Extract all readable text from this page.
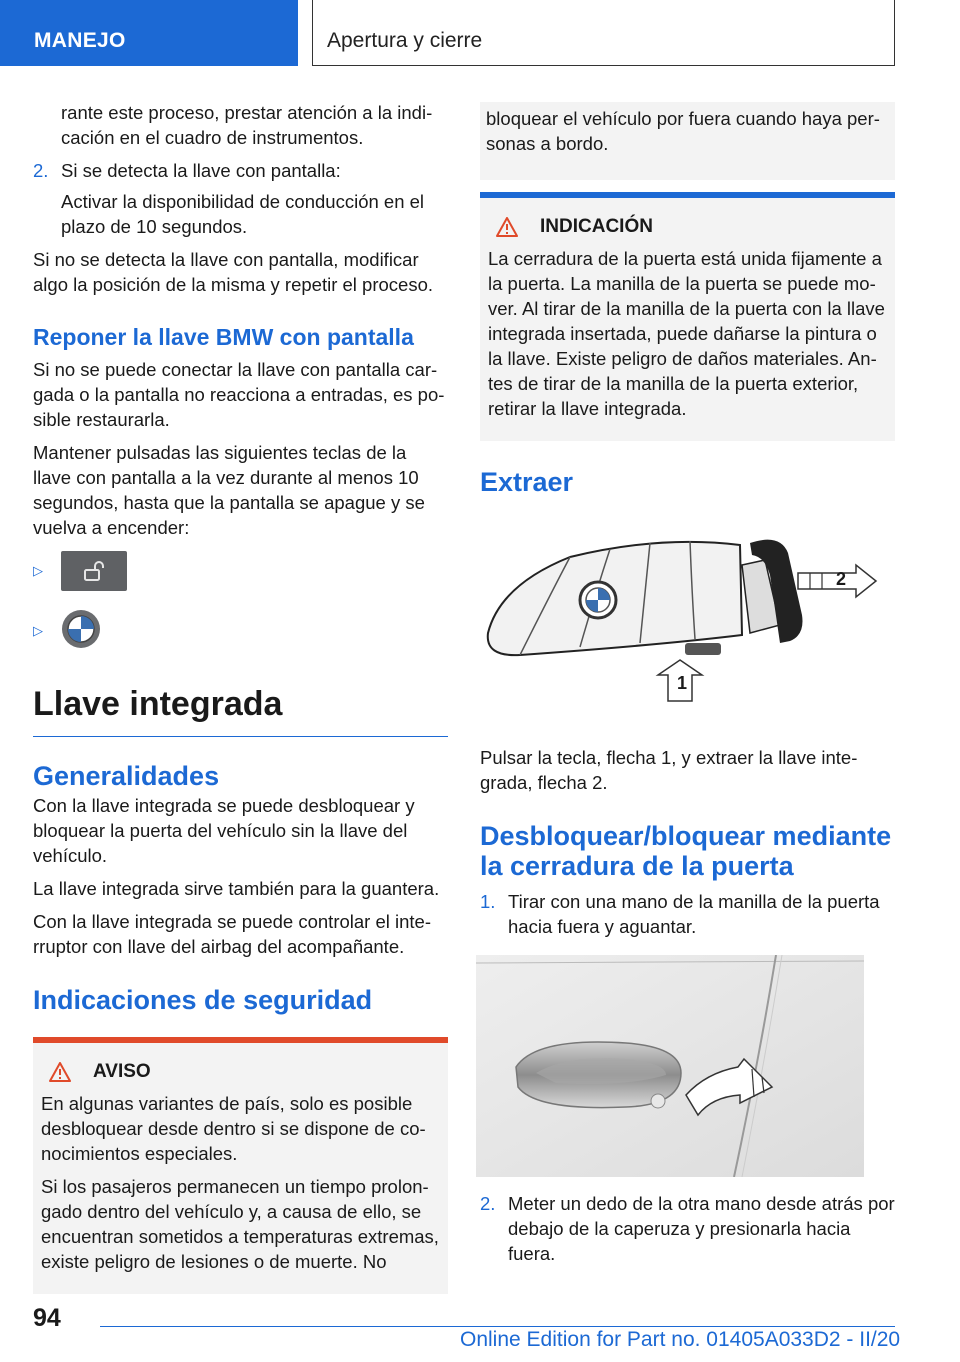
MANEJO	Apertura y cierre

rante este proceso, prestar atención a la indicación en el cuadro de instrumentos.

2. Si se detecta la llave con pantalla:

Activar la disponibilidad de conducción en el plazo de 10 segundos.

Si no se detecta la llave con pantalla, modificar algo la posición de la misma y repetir el proceso.

Reponer la llave BMW con pantalla

Si no se puede conectar la llave con pantalla cargada o la pantalla no reacciona a entradas, es posible restaurarla.

Mantener pulsadas las siguientes teclas de la llave con pantalla a la vez durante al menos 10 segundos, hasta que la pantalla se apague y se vuelva a encender:

▷
▷
Llave integrada
Generalidades

Con la llave integrada se puede desbloquear y bloquear la puerta del vehículo sin la llave del vehículo.

La llave integrada sirve también para la guantera.

Con la llave integrada se puede controlar el interruptor con llave del airbag del acompañante.

Indicaciones de seguridad
AVISO

En algunas variantes de país, solo es posible desbloquear desde dentro si se dispone de conocimientos especiales.

Si los pasajeros permanecen un tiempo prolongado dentro del vehículo y, a causa de ello, se encuentran sometidos a temperaturas extremas, existe peligro de lesiones o de muerte. No

bloquear el vehículo por fuera cuando haya personas a bordo.

INDICACIÓN

La cerradura de la puerta está unida fijamente a la puerta. La manilla de la puerta se puede mover. Al tirar de la manilla de la puerta con la llave integrada insertada, puede dañarse la pintura o la llave. Existe peligro de daños materiales. Antes de tirar de la manilla de la puerta exterior, retirar la llave integrada.

Extraer
1
2

Pulsar la tecla, flecha 1, y extraer la llave integrada, flecha 2.

Desbloquear/bloquear mediante la cerradura de la puerta
1. Tirar con una mano de la manilla de la puerta hacia fuera y aguantar.
2. Meter un dedo de la otra mano desde atrás por debajo de la caperuza y presionarla hacia fuera.
94
Online Edition for Part no. 01405A033D2 - II/20
